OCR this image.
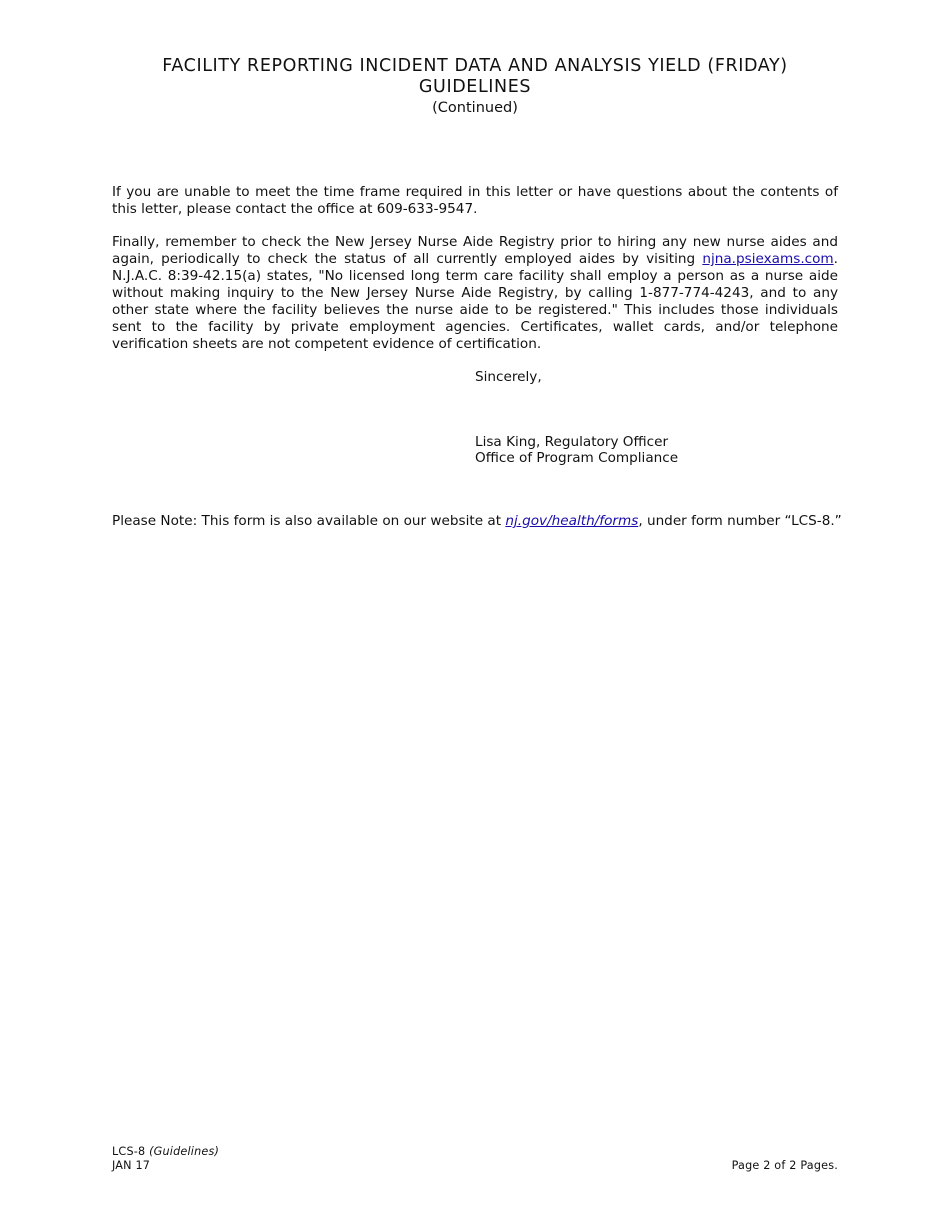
FACILITY REPORTING INCIDENT DATA AND ANALYSIS YIELD (FRIDAY)
GUIDELINES
(Continued)

If you are unable to meet the time frame required in this letter or have questions about the contents of this letter, please contact the office at 609-633-9547.

Finally, remember to check the New Jersey Nurse Aide Registry prior to hiring any new nurse aides and again, periodically to check the status of all currently employed aides by visiting njna.psiexams.com. N.J.A.C. 8:39-42.15(a) states, "No licensed long term care facility shall employ a person as a nurse aide without making inquiry to the New Jersey Nurse Aide Registry, by calling 1-877-774-4243, and to any other state where the facility believes the nurse aide to be registered." This includes those individuals sent to the facility by private employment agencies. Certificates, wallet cards, and/or telephone verification sheets are not competent evidence of certification.

Sincerely,
Lisa King, Regulatory Officer
Office of Program Compliance
Please Note: This form is also available on our website at nj.gov/health/forms, under form number “LCS-8.”
LCS-8 (Guidelines)
JAN 17	Page 2 of 2 Pages.
